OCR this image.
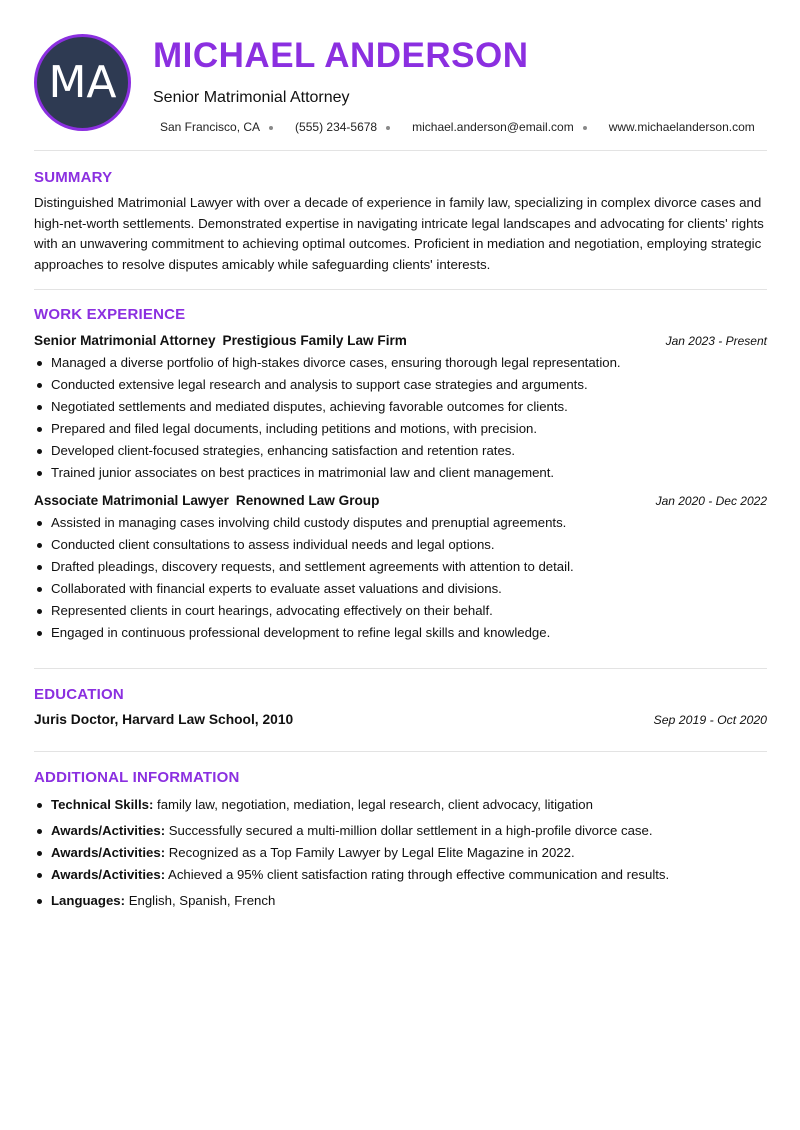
MA
MICHAEL ANDERSON
Senior Matrimonial Attorney
San Francisco, CA	(555) 234-5678	michael.anderson@email.com	www.michaelanderson.com
SUMMARY

Distinguished Matrimonial Lawyer with over a decade of experience in family law, specializing in complex divorce cases and high-net-worth settlements. Demonstrated expertise in navigating intricate legal landscapes and advocating for clients' rights with an unwavering commitment to achieving optimal outcomes. Proficient in mediation and negotiation, employing strategic approaches to resolve disputes amicably while safeguarding clients' interests.

WORK EXPERIENCE
Senior Matrimonial Attorney Prestigious Family Law Firm	Jan 2023 - Present
Managed a diverse portfolio of high-stakes divorce cases, ensuring thorough legal representation.
Conducted extensive legal research and analysis to support case strategies and arguments.
Negotiated settlements and mediated disputes, achieving favorable outcomes for clients.
Prepared and filed legal documents, including petitions and motions, with precision.
Developed client-focused strategies, enhancing satisfaction and retention rates.
Trained junior associates on best practices in matrimonial law and client management.
Associate Matrimonial Lawyer Renowned Law Group	Jan 2020 - Dec 2022
Assisted in managing cases involving child custody disputes and prenuptial agreements.
Conducted client consultations to assess individual needs and legal options.
Drafted pleadings, discovery requests, and settlement agreements with attention to detail.
Collaborated with financial experts to evaluate asset valuations and divisions.
Represented clients in court hearings, advocating effectively on their behalf.
Engaged in continuous professional development to refine legal skills and knowledge.
EDUCATION
Juris Doctor, Harvard Law School, 2010	Sep 2019 - Oct 2020
ADDITIONAL INFORMATION
Technical Skills: family law, negotiation, mediation, legal research, client advocacy, litigation
Awards/Activities: Successfully secured a multi-million dollar settlement in a high-profile divorce case.
Awards/Activities: Recognized as a Top Family Lawyer by Legal Elite Magazine in 2022.
Awards/Activities: Achieved a 95% client satisfaction rating through effective communication and results.
Languages: English, Spanish, French
